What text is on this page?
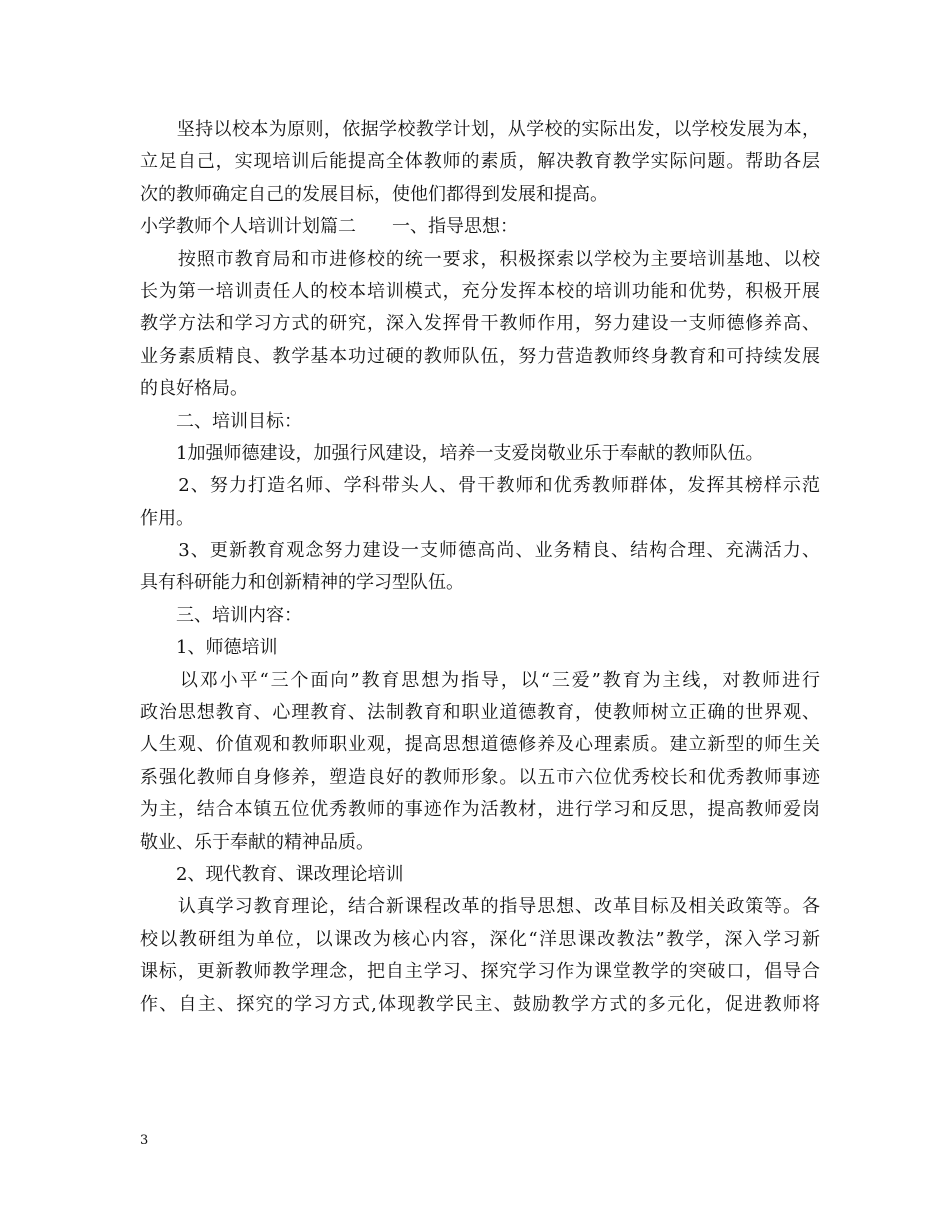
　　坚持以校本为原则，依据学校教学计划，从学校的实际出发，以学校发展为本，
立足自己，实现培训后能提高全体教师的素质，解决教育教学实际问题。帮助各层
次的教师确定自己的发展目标，使他们都得到发展和提高。
小学教师个人培训计划篇二　　一、指导思想：
　　按照市教育局和市进修校的统一要求，积极探索以学校为主要培训基地、以校
长为第一培训责任人的校本培训模式，充分发挥本校的培训功能和优势，积极开展
教学方法和学习方式的研究，深入发挥骨干教师作用，努力建设一支师德修养高、
业务素质精良、教学基本功过硬的教师队伍，努力营造教师终身教育和可持续发展
的良好格局。
　　二、培训目标：
　　1加强师德建设，加强行风建设，培养一支爱岗敬业乐于奉献的教师队伍。
　　2、努力打造名师、学科带头人、骨干教师和优秀教师群体，发挥其榜样示范
作用。
　　3、更新教育观念努力建设一支师德高尚、业务精良、结构合理、充满活力、
具有科研能力和创新精神的学习型队伍。
　　三、培训内容：
　　1、师德培训
　　以邓小平“三个面向”教育思想为指导，以“三爱”教育为主线，对教师进行
政治思想教育、心理教育、法制教育和职业道德教育，使教师树立正确的世界观、
人生观、价值观和教师职业观，提高思想道德修养及心理素质。建立新型的师生关
系强化教师自身修养，塑造良好的教师形象。以五市六位优秀校长和优秀教师事迹
为主，结合本镇五位优秀教师的事迹作为活教材，进行学习和反思，提高教师爱岗
敬业、乐于奉献的精神品质。
　　2、现代教育、课改理论培训
　　认真学习教育理论，结合新课程改革的指导思想、改革目标及相关政策等。各
校以教研组为单位，以课改为核心内容，深化“洋思课改教法”教学，深入学习新
课标，更新教师教学理念，把自主学习、探究学习作为课堂教学的突破口，倡导合
作、自主、探究的学习方式,体现教学民主、鼓励教学方式的多元化，促进教师将
3
